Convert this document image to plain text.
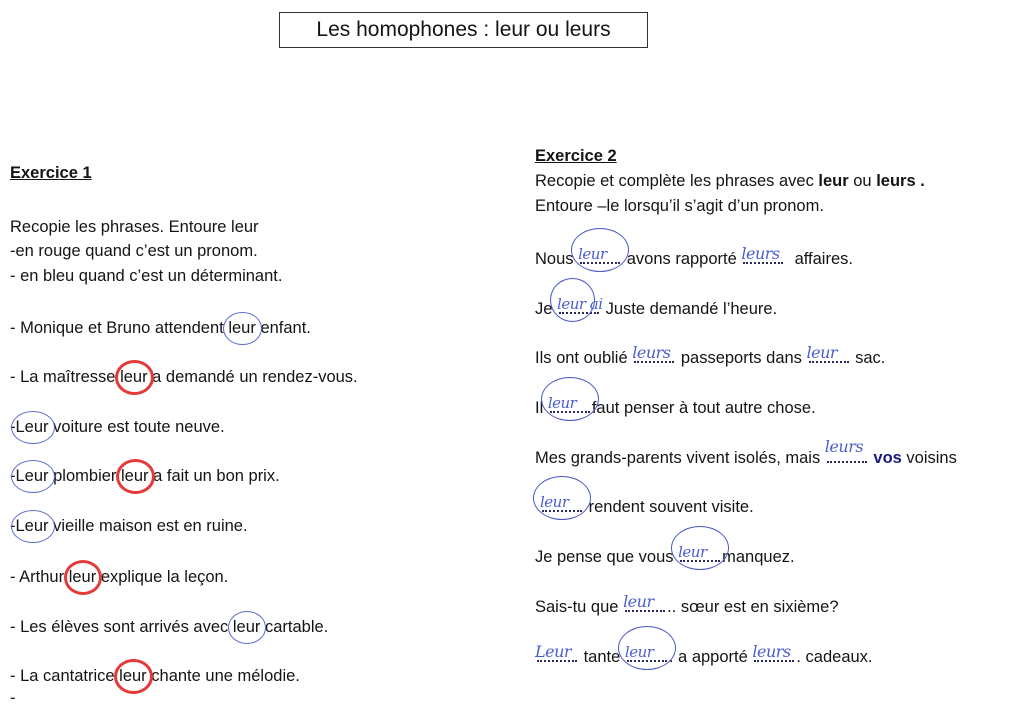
Les homophones : leur ou leurs
Exercice 1
Recopie les phrases. Entoure leur
-en rouge quand c’est un pronom.
- en bleu quand c’est un déterminant.
- Monique et Bruno attendent leur enfant.
- La maîtresse leur a demandé un rendez-vous.
-Leur voiture est toute neuve.
-Leur plombier leur a fait un bon prix.
-Leur vieille maison est en ruine.
- Arthur leur explique la leçon.
- Les élèves sont arrivés avec leur cartable.
- La cantatrice leur chante une mélodie.
-
Exercice 2
Recopie et complète les phrases avec leur ou leurs .
Entoure –le lorsqu’il s’agit d’un pronom.
Nous leur avons rapporté leurs affaires.
Je leur ai Juste demandé l’heure.
Ils ont oublié leurs passeports dans leur sac.
Il leur faut penser à tout autre chose.
Mes grands-parents vivent isolés, mais
leurs
vos voisins
leur rendent souvent visite.
Je pense que vous leur manquez.
Sais-tu que leur .. sœur est en sixième?
Leur tante leur . a apporté leurs . cadeaux.
